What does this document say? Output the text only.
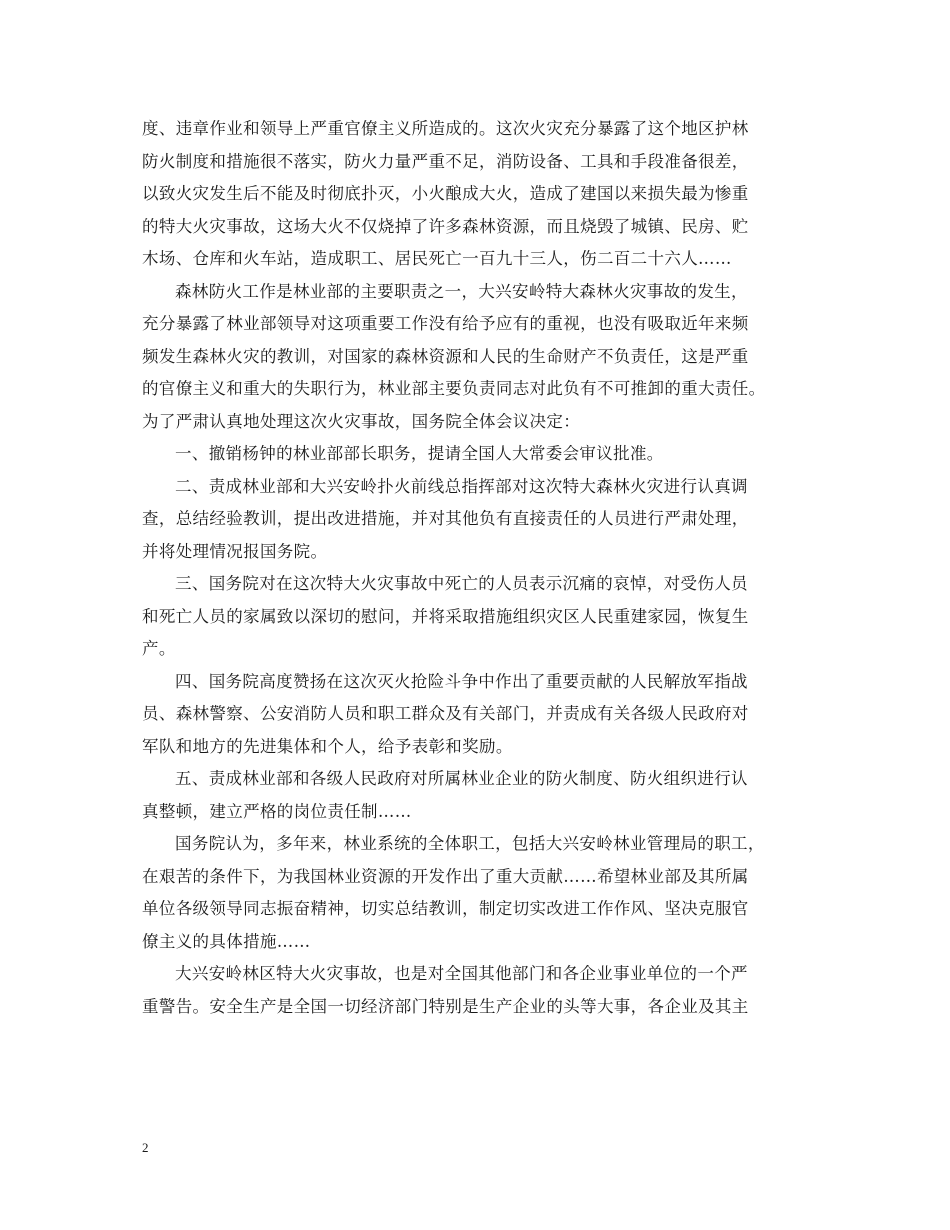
度、违章作业和领导上严重官僚主义所造成的。这次火灾充分暴露了这个地区护林
防火制度和措施很不落实，防火力量严重不足，消防设备、工具和手段准备很差，
以致火灾发生后不能及时彻底扑灭，小火酿成大火，造成了建国以来损失最为惨重
的特大火灾事故，这场大火不仅烧掉了许多森林资源，而且烧毁了城镇、民房、贮
木场、仓库和火车站，造成职工、居民死亡一百九十三人，伤二百二十六人……
森林防火工作是林业部的主要职责之一，大兴安岭特大森林火灾事故的发生，
充分暴露了林业部领导对这项重要工作没有给予应有的重视，也没有吸取近年来频
频发生森林火灾的教训，对国家的森林资源和人民的生命财产不负责任，这是严重
的官僚主义和重大的失职行为，林业部主要负责同志对此负有不可推卸的重大责任。
为了严肃认真地处理这次火灾事故，国务院全体会议决定：
一、撤销杨钟的林业部部长职务，提请全国人大常委会审议批准。
二、责成林业部和大兴安岭扑火前线总指挥部对这次特大森林火灾进行认真调
查，总结经验教训，提出改进措施，并对其他负有直接责任的人员进行严肃处理，
并将处理情况报国务院。
三、国务院对在这次特大火灾事故中死亡的人员表示沉痛的哀悼，对受伤人员
和死亡人员的家属致以深切的慰问，并将采取措施组织灾区人民重建家园，恢复生
产。
四、国务院高度赞扬在这次灭火抢险斗争中作出了重要贡献的人民解放军指战
员、森林警察、公安消防人员和职工群众及有关部门，并责成有关各级人民政府对
军队和地方的先进集体和个人，给予表彰和奖励。
五、责成林业部和各级人民政府对所属林业企业的防火制度、防火组织进行认
真整顿，建立严格的岗位责任制……
国务院认为，多年来，林业系统的全体职工，包括大兴安岭林业管理局的职工，
在艰苦的条件下，为我国林业资源的开发作出了重大贡献……希望林业部及其所属
单位各级领导同志振奋精神，切实总结教训，制定切实改进工作作风、坚决克服官
僚主义的具体措施……
大兴安岭林区特大火灾事故，也是对全国其他部门和各企业事业单位的一个严
重警告。安全生产是全国一切经济部门特别是生产企业的头等大事，各企业及其主
2
